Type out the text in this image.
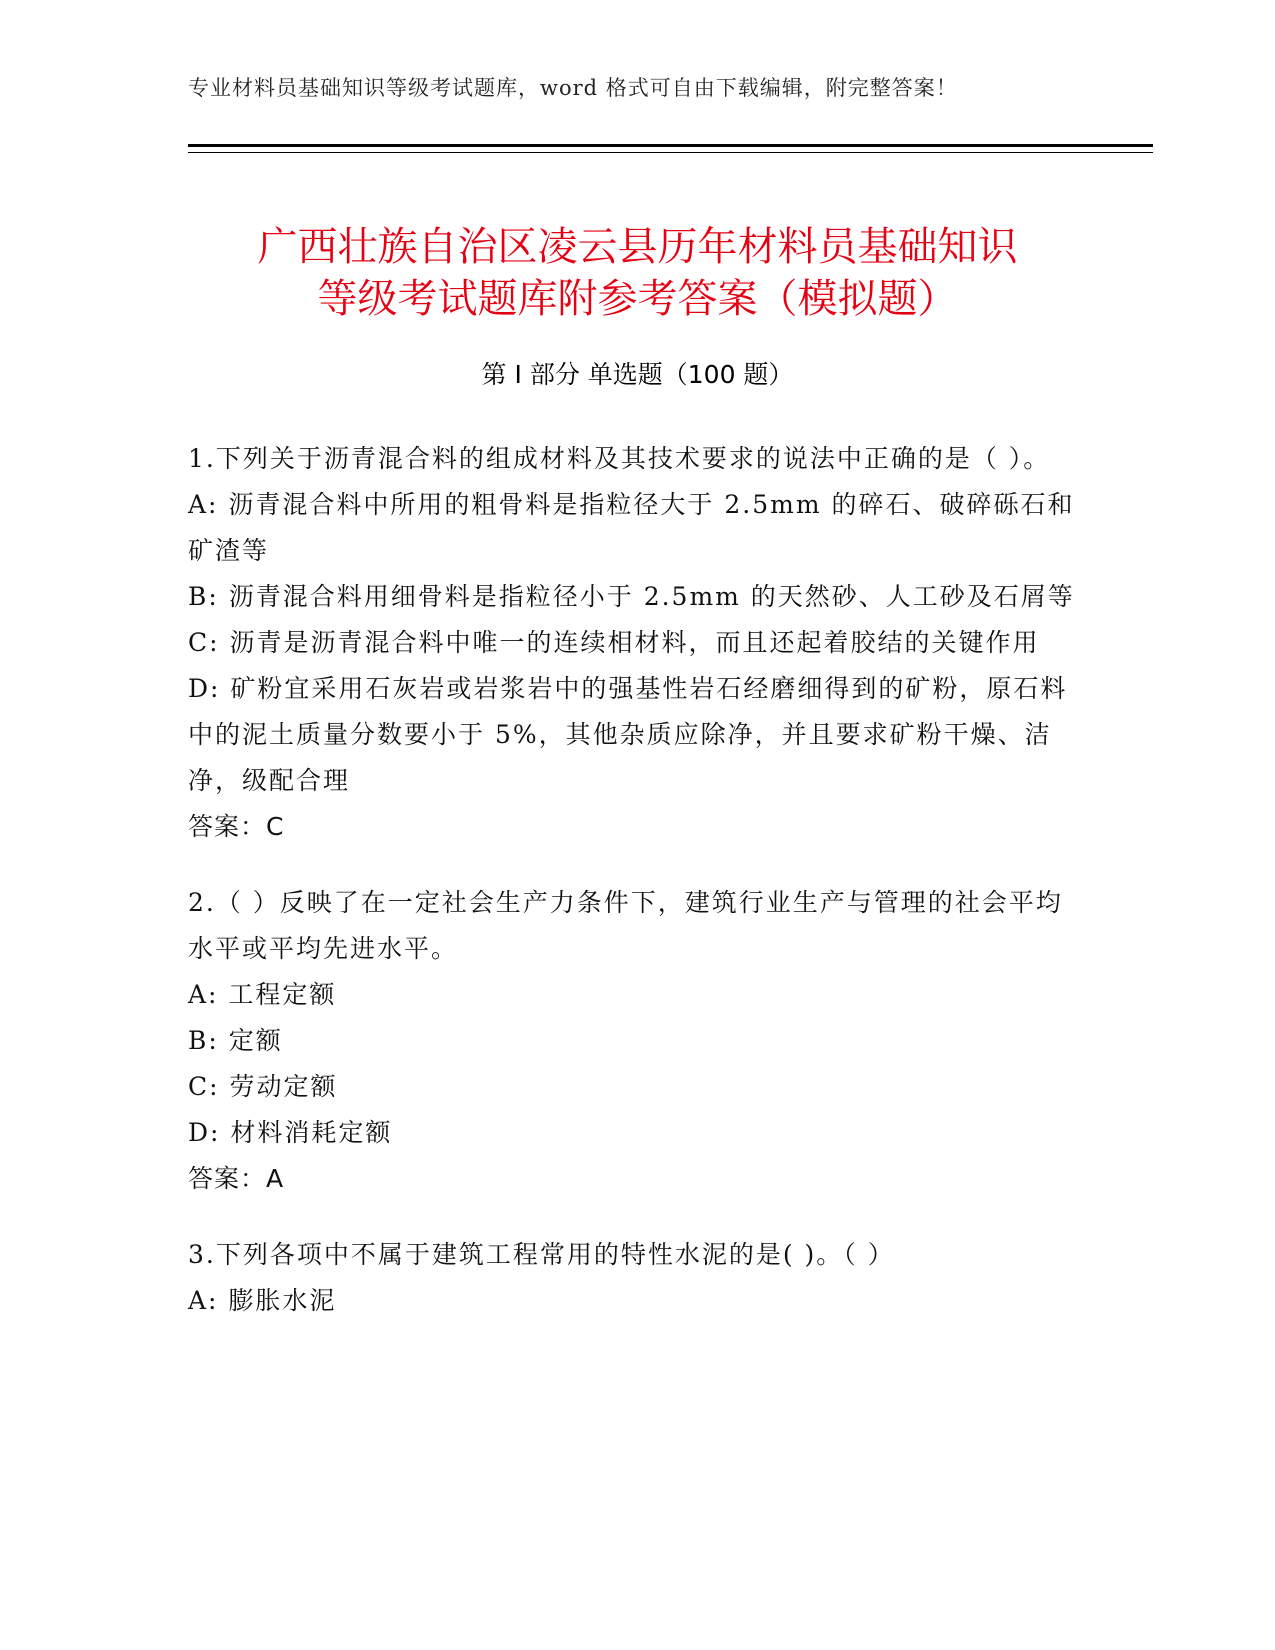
专业材料员基础知识等级考试题库，word 格式可自由下载编辑，附完整答案！
广西壮族自治区凌云县历年材料员基础知识
等级考试题库附参考答案（模拟题）
第 I 部分 单选题（100 题）

1.下列关于沥青混合料的组成材料及其技术要求的说法中正确的是（ ）。

A: 沥青混合料中所用的粗骨料是指粒径大于 2.5mm 的碎石、破碎砾石和矿渣等

B: 沥青混合料用细骨料是指粒径小于 2.5mm 的天然砂、人工砂及石屑等

C: 沥青是沥青混合料中唯一的连续相材料，而且还起着胶结的关键作用

D: 矿粉宜采用石灰岩或岩浆岩中的强基性岩石经磨细得到的矿粉，原石料中的泥土质量分数要小于 5%，其他杂质应除净，并且要求矿粉干燥、洁净，级配合理

答案：C

2.（ ）反映了在一定社会生产力条件下，建筑行业生产与管理的社会平均水平或平均先进水平。

A: 工程定额

B: 定额

C: 劳动定额

D: 材料消耗定额

答案：A

3.下列各项中不属于建筑工程常用的特性水泥的是( )。（ ）

A: 膨胀水泥
